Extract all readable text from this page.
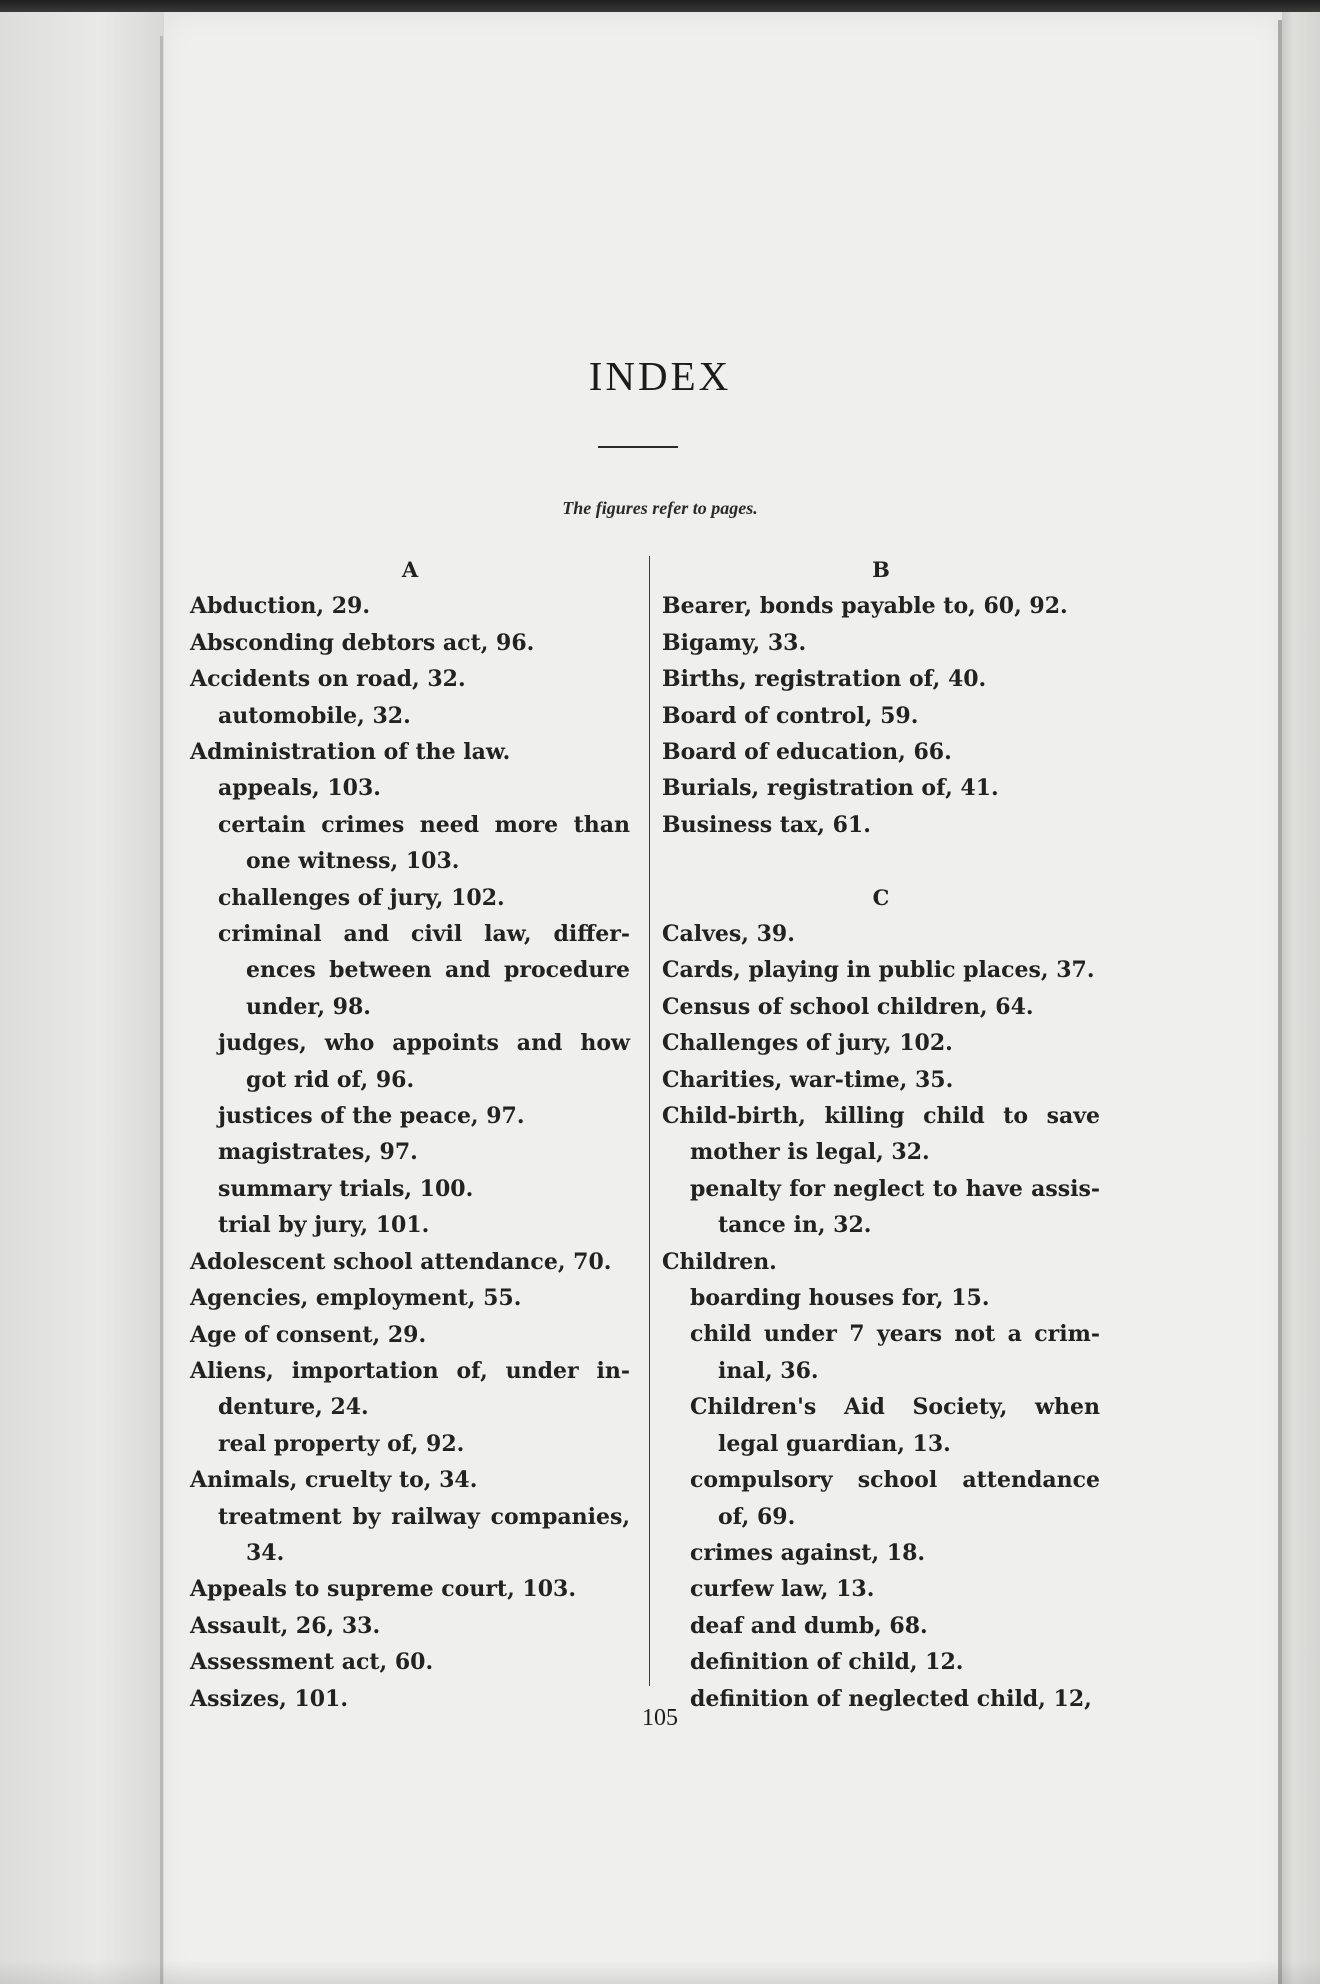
INDEX
The figures refer to pages.
A
Abduction, 29.
Absconding debtors act, 96.
Accidents on road, 32.
automobile, 32.
Administration of the law.
appeals, 103.
certain crimes need more than
one witness, 103.
challenges of jury, 102.
criminal and civil law, differ-
ences between and procedure
under, 98.
judges, who appoints and how
got rid of, 96.
justices of the peace, 97.
magistrates, 97.
summary trials, 100.
trial by jury, 101.
Adolescent school attendance, 70.
Agencies, employment, 55.
Age of consent, 29.
Aliens, importation of, under in-
denture, 24.
real property of, 92.
Animals, cruelty to, 34.
treatment by railway companies,
34.
Appeals to supreme court, 103.
Assault, 26, 33.
Assessment act, 60.
Assizes, 101.
B
Bearer, bonds payable to, 60, 92.
Bigamy, 33.
Births, registration of, 40.
Board of control, 59.
Board of education, 66.
Burials, registration of, 41.
Business tax, 61.
C
Calves, 39.
Cards, playing in public places, 37.
Census of school children, 64.
Challenges of jury, 102.
Charities, war-time, 35.
Child-birth, killing child to save
mother is legal, 32.
penalty for neglect to have assis-
tance in, 32.
Children.
boarding houses for, 15.
child under 7 years not a crim-
inal, 36.
Children's Aid Society, when
legal guardian, 13.
compulsory school attendance
of, 69.
crimes against, 18.
curfew law, 13.
deaf and dumb, 68.
definition of child, 12.
definition of neglected child, 12,
105
